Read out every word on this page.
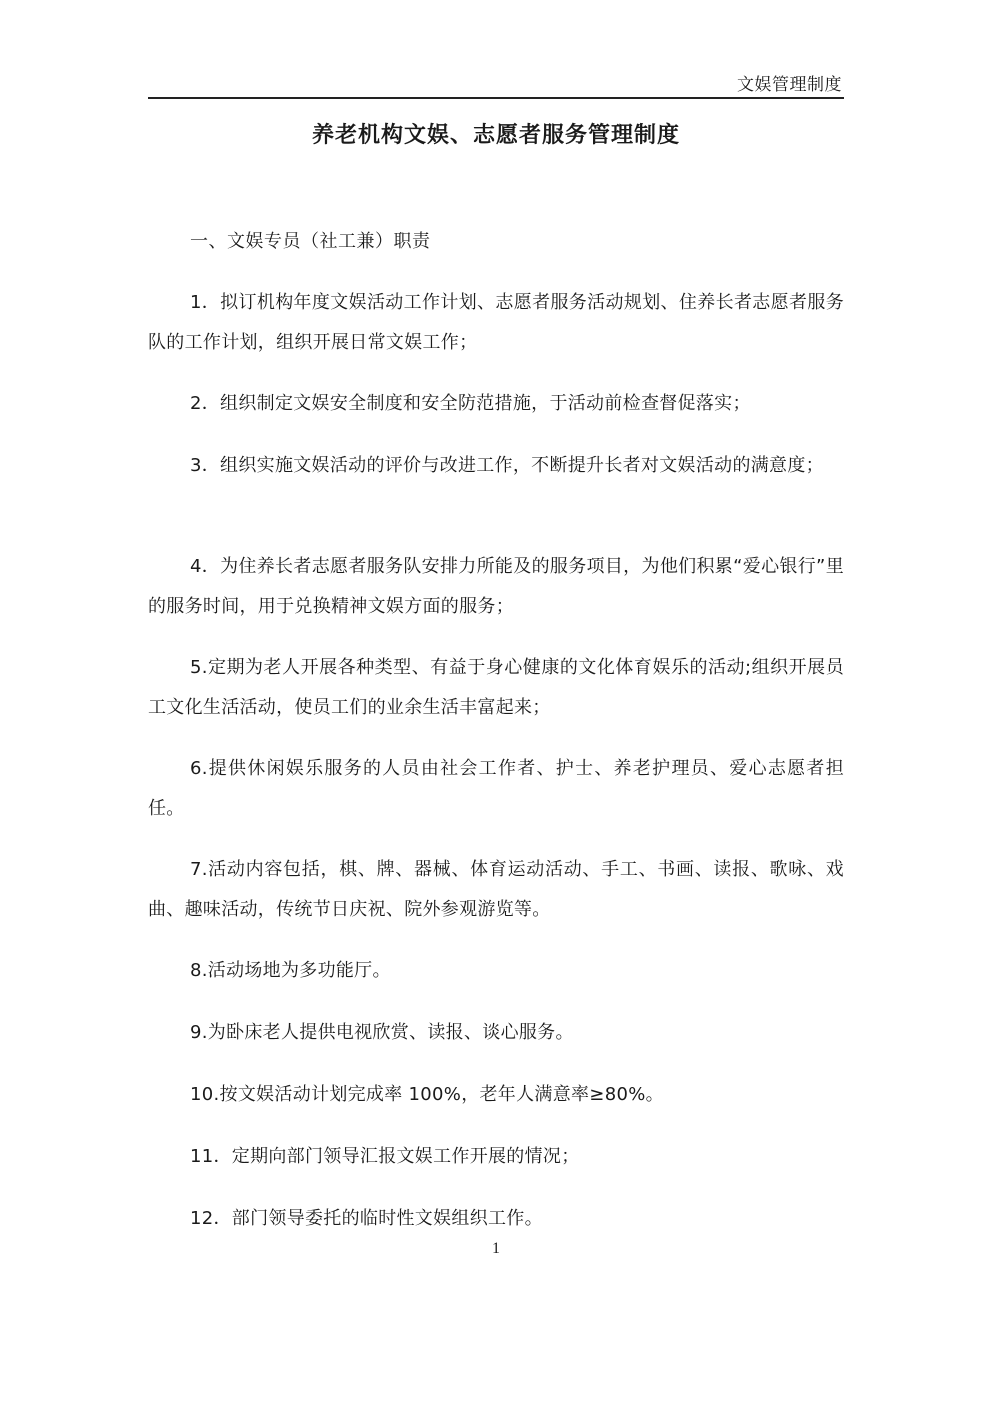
文娱管理制度
养老机构文娱、志愿者服务管理制度
一、文娱专员（社工兼）职责
1．拟订机构年度文娱活动工作计划、志愿者服务活动规划、住养长者志愿者服务队的工作计划，组织开展日常文娱工作；
2．组织制定文娱安全制度和安全防范措施，于活动前检查督促落实；
3．组织实施文娱活动的评价与改进工作，不断提升长者对文娱活动的满意度；
4．为住养长者志愿者服务队安排力所能及的服务项目，为他们积累“爱心银行”里的服务时间，用于兑换精神文娱方面的服务；
5.定期为老人开展各种类型、有益于身心健康的文化体育娱乐的活动;组织开展员工文化生活活动，使员工们的业余生活丰富起来；
6.提供休闲娱乐服务的人员由社会工作者、护士、养老护理员、爱心志愿者担任。
7.活动内容包括，棋、牌、器械、体育运动活动、手工、书画、读报、歌咏、戏曲、趣味活动，传统节日庆祝、院外参观游览等。
8.活动场地为多功能厅。
9.为卧床老人提供电视欣赏、读报、谈心服务。
10.按文娱活动计划完成率 100%，老年人满意率≥80%。
11．定期向部门领导汇报文娱工作开展的情况；
12．部门领导委托的临时性文娱组织工作。
1
